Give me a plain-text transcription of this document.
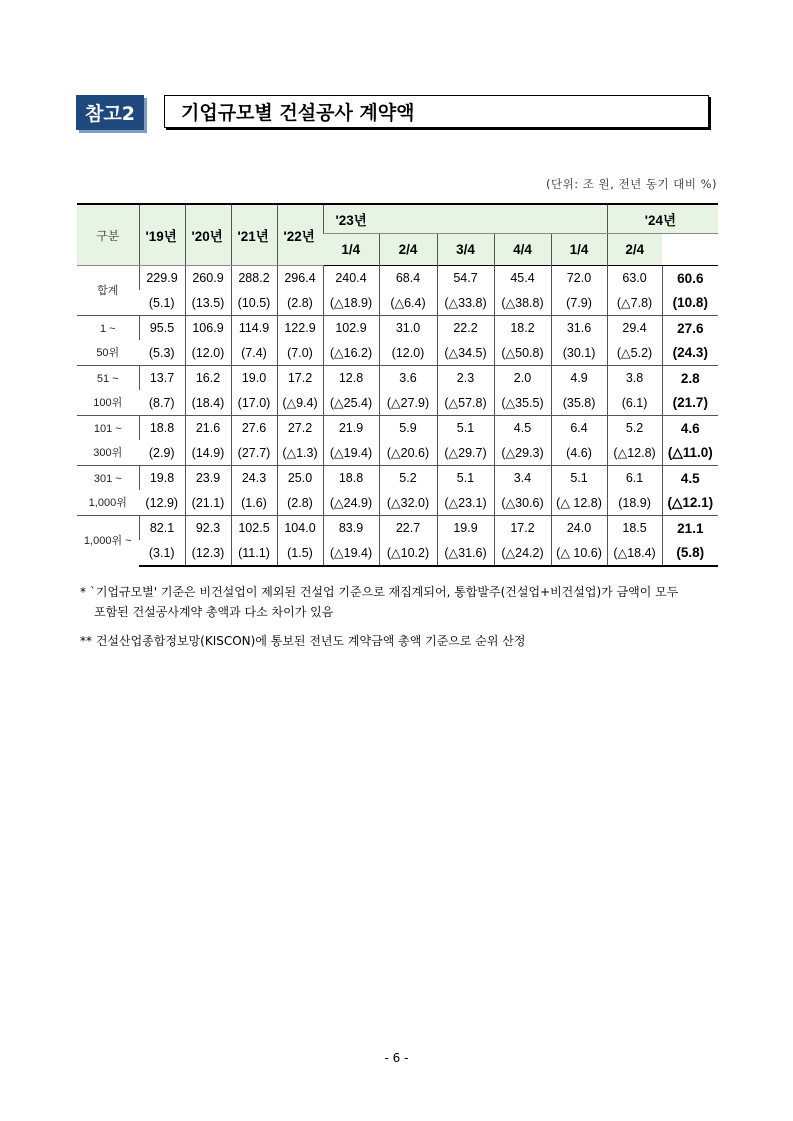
참고2	기업규모별 건설공사 계약액
(단위: 조 원, 전년 동기 대비 %)
구분	'19년	'20년	'21년	'22년	'23년					'24년	
					1/4	2/4	3/4	4/4	1/4	2/4	

합계	229.9	260.9	288.2	296.4	240.4	68.4	54.7	45.4	72.0	63.0	60.6
	(5.1)	(13.5)	(10.5)	(2.8)	(△18.9)	(△6.4)	(△33.8)	(△38.8)	(7.9)	(△7.8)	(10.8)

1 ~
50위	95.5	106.9	114.9	122.9	102.9	31.0	22.2	18.2	31.6	29.4	27.6
	(5.3)	(12.0)	(7.4)	(7.0)	(△16.2)	(12.0)	(△34.5)	(△50.8)	(30.1)	(△5.2)	(24.3)

51 ~
100위	13.7	16.2	19.0	17.2	12.8	3.6	2.3	2.0	4.9	3.8	2.8
	(8.7)	(18.4)	(17.0)	(△9.4)	(△25.4)	(△27.9)	(△57.8)	(△35.5)	(35.8)	(6.1)	(21.7)

101 ~
300위	18.8	21.6	27.6	27.2	21.9	5.9	5.1	4.5	6.4	5.2	4.6
	(2.9)	(14.9)	(27.7)	(△1.3)	(△19.4)	(△20.6)	(△29.7)	(△29.3)	(4.6)	(△12.8)	(△11.0)

301 ~
1,000위	19.8	23.9	24.3	25.0	18.8	5.2	5.1	3.4	5.1	6.1	4.5
	(12.9)	(21.1)	(1.6)	(2.8)	(△24.9)	(△32.0)	(△23.1)	(△30.6)	(△ 12.8)	(18.9)	(△12.1)

1,000위 ~	82.1	92.3	102.5	104.0	83.9	22.7	19.9	17.2	24.0	18.5	21.1
	(3.1)	(12.3)	(11.1)	(1.5)	(△19.4)	(△10.2)	(△31.6)	(△24.2)	(△ 10.6)	(△18.4)	(5.8)

* `기업규모별' 기준은 비건설업이 제외된 건설업 기준으로 재집계되어, 통합발주(건설업+비건설업)가 금액이 모두

포함된 건설공사계약 총액과 다소 차이가 있음

** 건설산업종합정보망(KISCON)에 통보된 전년도 계약금액 총액 기준으로 순위 산정

- 6 -
